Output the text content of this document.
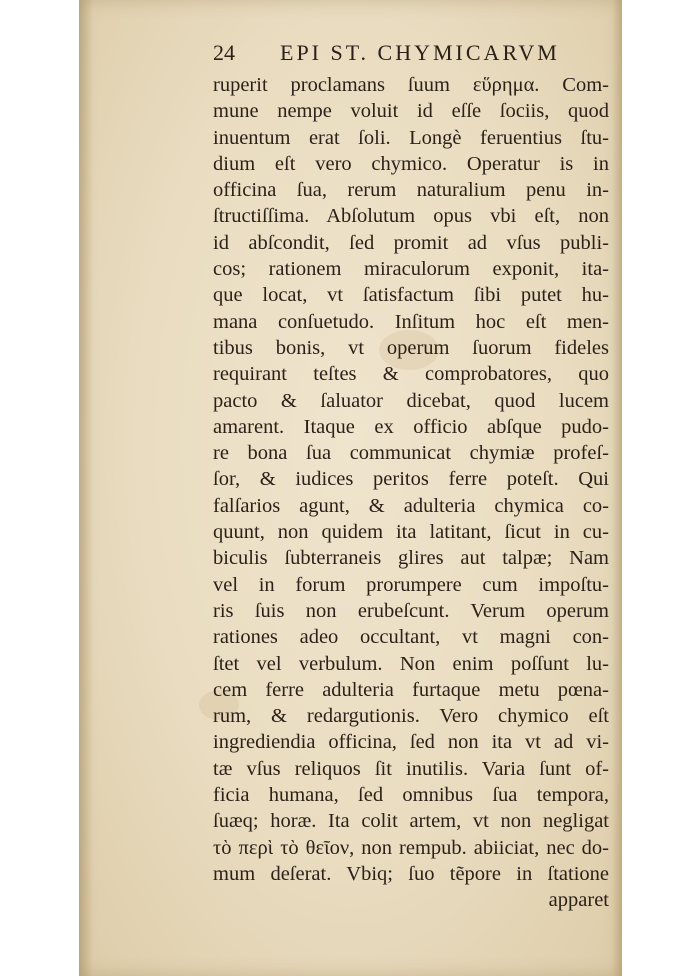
24 EPI ST. CHYMICARVM
ruperit proclamans ſuum εὕρημα. Com-
mune nempe voluit id eſſe ſociis, quod
inuentum erat ſoli. Longè feruentius ſtu-
dium eſt vero chymico. Operatur is in
officina ſua, rerum naturalium penu in-
ſtructiſſima. Abſolutum opus vbi eſt, non
id abſcondit, ſed promit ad vſus publi-
cos; rationem miraculorum exponit, ita-
que locat, vt ſatisfactum ſibi putet hu-
mana conſuetudo. Inſitum hoc eſt men-
tibus bonis, vt operum ſuorum fideles
requirant teſtes & comprobatores, quo
pacto & ſaluator dicebat, quod lucem
amarent. Itaque ex officio abſque pudo-
re bona ſua communicat chymiæ profeſ-
ſor, & iudices peritos ferre poteſt. Qui
falſarios agunt, & adulteria chymica co-
quunt, non quidem ita latitant, ſicut in cu-
biculis ſubterraneis glires aut talpæ; Nam
vel in forum prorumpere cum impoſtu-
ris ſuis non erubeſcunt. Verum operum
rationes adeo occultant, vt magni con-
ſtet vel verbulum. Non enim poſſunt lu-
cem ferre adulteria furtaque metu pœna-
rum, & redargutionis. Vero chymico eſt
ingrediendia officina, ſed non ita vt ad vi-
tæ vſus reliquos ſit inutilis. Varia ſunt of-
ficia humana, ſed omnibus ſua tempora,
ſuæq; horæ. Ita colit artem, vt non negligat
τὸ περὶ τὸ θεῖον, non rempub. abiiciat, nec do-
mum deſerat. Vbiq; ſuo tẽpore in ſtatione
apparet
